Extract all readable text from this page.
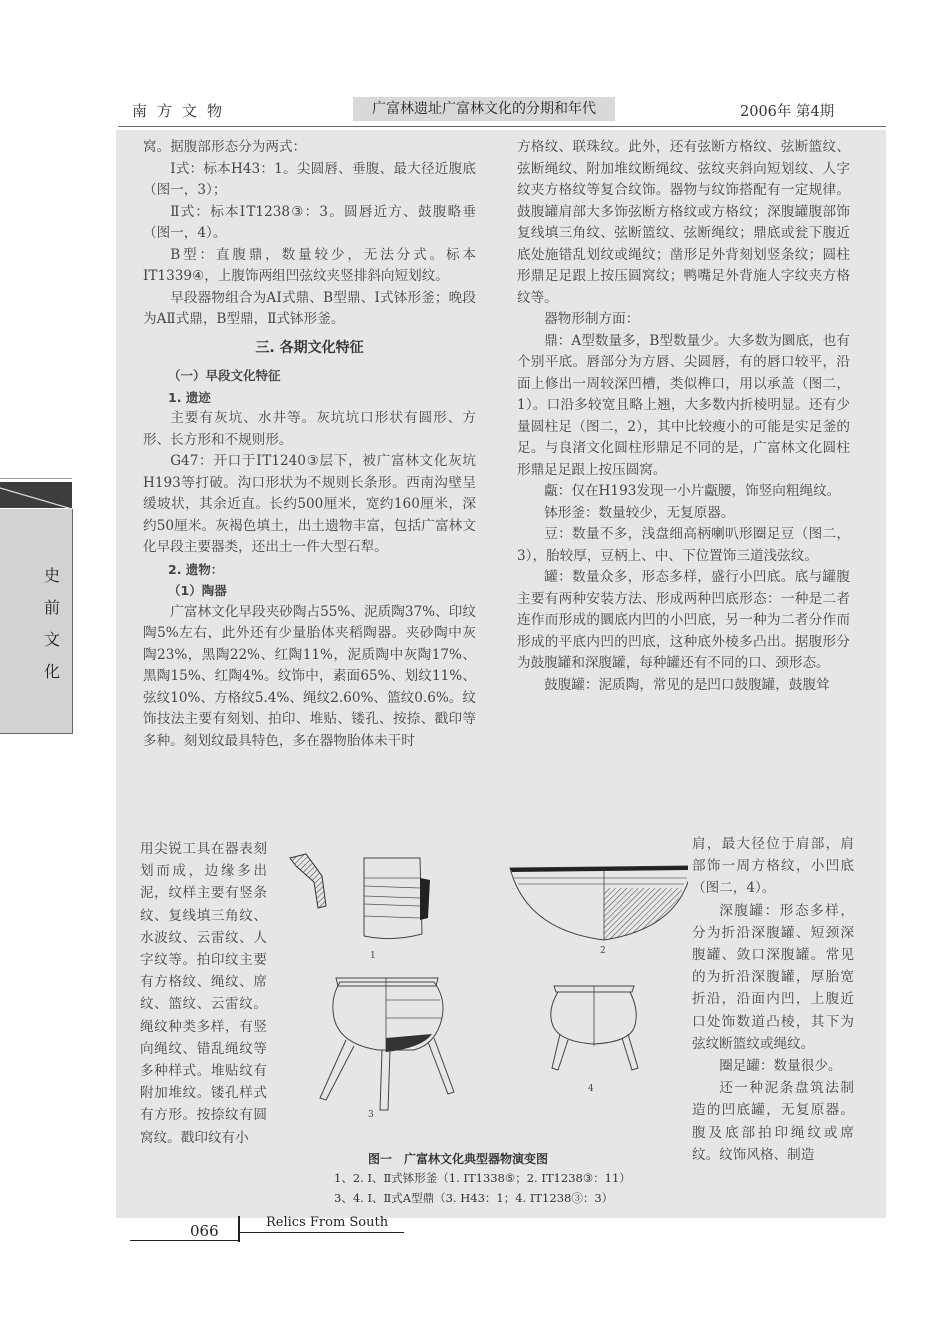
南方文物	广富林遗址广富林文化的分期和年代	2006年 第4期
史
前
文
化

窝。据腹部形态分为两式：

Ⅰ式：标本H43：1。尖圆唇、垂腹、最大径近腹底（图一，3）；

Ⅱ式：标本ⅠT1238③：3。圆唇近方、鼓腹略垂（图一，4）。

B型：直腹鼎，数量较少，无法分式。标本ⅠT1339④，上腹饰两组凹弦纹夹竖排斜向短划纹。

早段器物组合为AⅠ式鼎、B型鼎、Ⅰ式钵形釜；晚段为AⅡ式鼎，B型鼎，Ⅱ式钵形釜。

三. 各期文化特征

（一）早段文化特征

1. 遗迹

主要有灰坑、水井等。灰坑坑口形状有圆形、方形、长方形和不规则形。

G47：开口于ⅠT1240③层下，被广富林文化灰坑H193等打破。沟口形状为不规则长条形。西南沟壁呈缓坡状，其余近直。长约500厘米，宽约160厘米，深约50厘米。灰褐色填土，出土遗物丰富，包括广富林文化早段主要器类，还出土一件大型石犁。

2. 遗物：

（1）陶器

广富林文化早段夹砂陶占55%、泥质陶37%、印纹陶5%左右，此外还有少量胎体夹稻陶器。夹砂陶中灰陶23%，黑陶22%、红陶11%，泥质陶中灰陶17%、黑陶15%、红陶4%。纹饰中，素面65%、划纹11%、弦纹10%、方格纹5.4%、绳纹2.60%、篮纹0.6%。纹饰技法主要有刻划、拍印、堆贴、镂孔、按捺、戳印等多种。刻划纹最具特色，多在器物胎体未干时

用尖锐工具在器表刻划而成，边缘多出泥，纹样主要有竖条纹、复线填三角纹、水波纹、云雷纹、人字纹等。拍印纹主要有方格纹、绳纹、席纹、篮纹、云雷纹。绳纹种类多样，有竖向绳纹、错乱绳纹等多种样式。堆贴纹有附加堆纹。镂孔样式有方形。按捺纹有圆窝纹。戳印纹有小

方格纹、联珠纹。此外，还有弦断方格纹、弦断篮纹、弦断绳纹、附加堆纹断绳纹、弦纹夹斜向短划纹、人字纹夹方格纹等复合纹饰。器物与纹饰搭配有一定规律。鼓腹罐肩部大多饰弦断方格纹或方格纹；深腹罐腹部饰复线填三角纹、弦断篮纹、弦断绳纹；鼎底或瓮下腹近底处施错乱划纹或绳纹；凿形足外背刻划竖条纹；圆柱形鼎足足跟上按压圆窝纹；鸭嘴足外背施人字纹夹方格纹等。

器物形制方面：

鼎：A型数量多，B型数量少。大多数为圜底，也有个别平底。唇部分为方唇、尖圆唇，有的唇口较平，沿面上修出一周较深凹槽，类似榫口，用以承盖（图二，1）。口沿多较宽且略上翘，大多数内折棱明显。还有少量圆柱足（图二，2），其中比较瘦小的可能是实足釜的足。与良渚文化圆柱形鼎足不同的是，广富林文化圆柱形鼎足足跟上按压圆窝。

甗：仅在H193发现一小片甗腰，饰竖向粗绳纹。

钵形釜：数量较少，无复原器。

豆：数量不多，浅盘细高柄喇叭形圈足豆（图二，3），胎较厚，豆柄上、中、下位置饰三道浅弦纹。

罐：数量众多，形态多样，盛行小凹底。底与罐腹主要有两种安装方法、形成两种凹底形态：一种是二者连作而形成的圜底内凹的小凹底，另一种为二者分作而形成的平底内凹的凹底，这种底外棱多凸出。据腹形分为鼓腹罐和深腹罐，每种罐还有不同的口、颈形态。

鼓腹罐：泥质陶，常见的是凹口鼓腹罐，鼓腹耸

肩，最大径位于肩部，肩部饰一周方格纹，小凹底（图二，4）。

深腹罐：形态多样，分为折沿深腹罐、短颈深腹罐、敛口深腹罐。常见的为折沿深腹罐，厚胎宽折沿，沿面内凹，上腹近口处饰数道凸棱，其下为弦纹断篮纹或绳纹。

圈足罐：数量很少。

还一种泥条盘筑法制造的凹底罐，无复原器。腹及底部拍印绳纹或席纹。纹饰风格、制造

1	2
3
4
图一　广富林文化典型器物演变图
1、2. Ⅰ、Ⅱ式钵形釜（1. ⅠT1338⑤；2. ⅠT1238③：11）
3、4. Ⅰ、Ⅱ式A型鼎（3. H43：1；4. ⅠT1238③：3）
066	Relics From South
